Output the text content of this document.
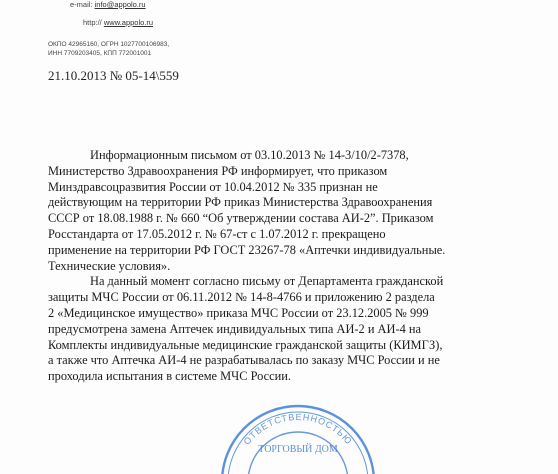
e-mail: info@appolo.ru
http:// www.appolo.ru
ОКПО 42965160, ОГРН 1027700106983,
ИНН 7709203405, КПП 772001001
21.10.2013 № 05-14\559
Информационным письмом от 03.10.2013 № 14-3/10/2-7378,
Министерство Здравоохранения РФ информирует, что приказом
Минздравсоцразвития России от 10.04.2012 № 335 признан не
действующим на территории РФ приказ Министерства Здравоохранения
СССР от 18.08.1988 г. № 660 “Об утверждении состава АИ-2”. Приказом
Росстандарта от 17.05.2012 г. № 67-ст с 1.07.2012 г. прекращено
применение на территории РФ ГОСТ 23267-78 «Аптечки индивидуальные.
Технические условия».
На данный момент согласно письму от Департамента гражданской
защиты МЧС России от 06.11.2012 № 14-8-4766 и приложению 2 раздела
2 «Медицинское имущество» приказа МЧС России от 23.12.2005 № 999
предусмотрена замена Аптечек индивидуальных типа АИ-2 и АИ-4 на
Комплекты индивидуальные медицинские гражданской защиты (КИМГЗ),
а также что Аптечка АИ-4 не разрабатывалась по заказу МЧС России и не
проходила испытания в системе МЧС России.
ОТВЕТСТВЕННОСТЬЮ
ТОРГОВЫЙ ДОМ
